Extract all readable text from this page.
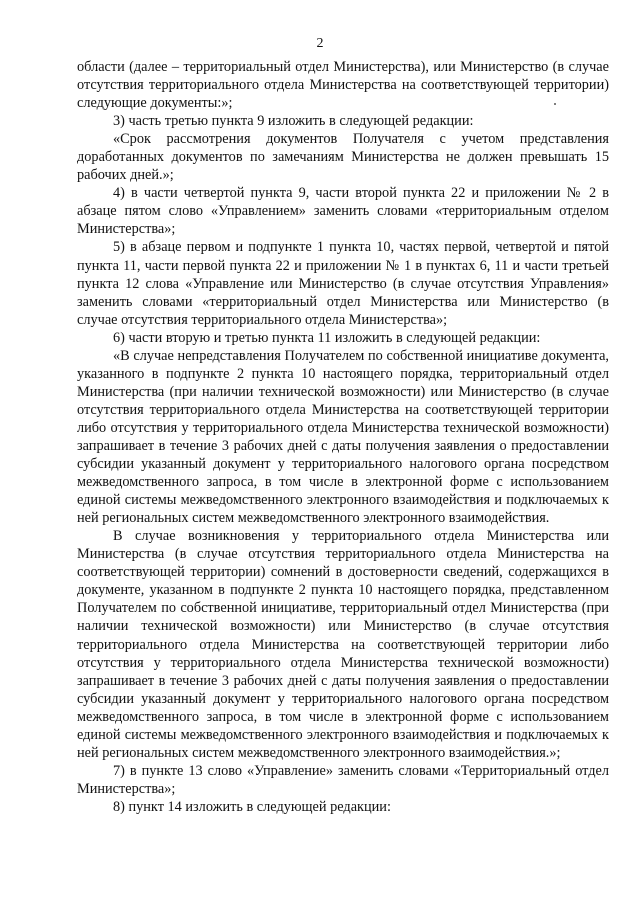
2

области (далее – территориальный отдел Министерства), или Министерство (в случае отсутствия территориального отдела Министерства на соответствующей территории) следующие документы:»;

3) часть третью пункта 9 изложить в следующей редакции:

«Срок рассмотрения документов Получателя с учетом представления доработанных документов по замечаниям Министерства не должен превышать 15 рабочих дней.»;

4) в части четвертой пункта 9, части второй пункта 22 и приложении № 2 в абзаце пятом слово «Управлением» заменить словами «территориальным отделом Министерства»;

5) в абзаце первом и подпункте 1 пункта 10, частях первой, четвертой и пятой пункта 11, части первой пункта 22 и приложении № 1 в пунктах 6, 11 и части третьей пункта 12 слова «Управление или Министерство (в случае отсутствия Управления» заменить словами «территориальный отдел Министерства или Министерство (в случае отсутствия территориального отдела Министерства»;

6) части вторую и третью пункта 11 изложить в следующей редакции:

«В случае непредставления Получателем по собственной инициативе документа, указанного в подпункте 2 пункта 10 настоящего порядка, территориальный отдел Министерства (при наличии технической возможности) или Министерство (в случае отсутствия территориального отдела Министерства на соответствующей территории либо отсутствия у территориального отдела Министерства технической возможности) запрашивает в течение 3 рабочих дней с даты получения заявления о предоставлении субсидии указанный документ у территориального налогового органа посредством межведомственного запроса, в том числе в электронной форме с использованием единой системы межведомственного электронного взаимодействия и подключаемых к ней региональных систем межведомственного электронного взаимодействия.

В случае возникновения у территориального отдела Министерства или Министерства (в случае отсутствия территориального отдела Министерства на соответствующей территории) сомнений в достоверности сведений, содержащихся в документе, указанном в подпункте 2 пункта 10 настоящего порядка, представленном Получателем по собственной инициативе, территориальный отдел Министерства (при наличии технической возможности) или Министерство (в случае отсутствия территориального отдела Министерства на соответствующей территории либо отсутствия у территориального отдела Министерства технической возможности) запрашивает в течение 3 рабочих дней с даты получения заявления о предоставлении субсидии указанный документ у территориального налогового органа посредством межведомственного запроса, в том числе в электронной форме с использованием единой системы межведомственного электронного взаимодействия и подключаемых к ней региональных систем межведомственного электронного взаимодействия.»;

7) в пункте 13 слово «Управление» заменить словами «Территориальный отдел Министерства»;

8) пункт 14 изложить в следующей редакции:
